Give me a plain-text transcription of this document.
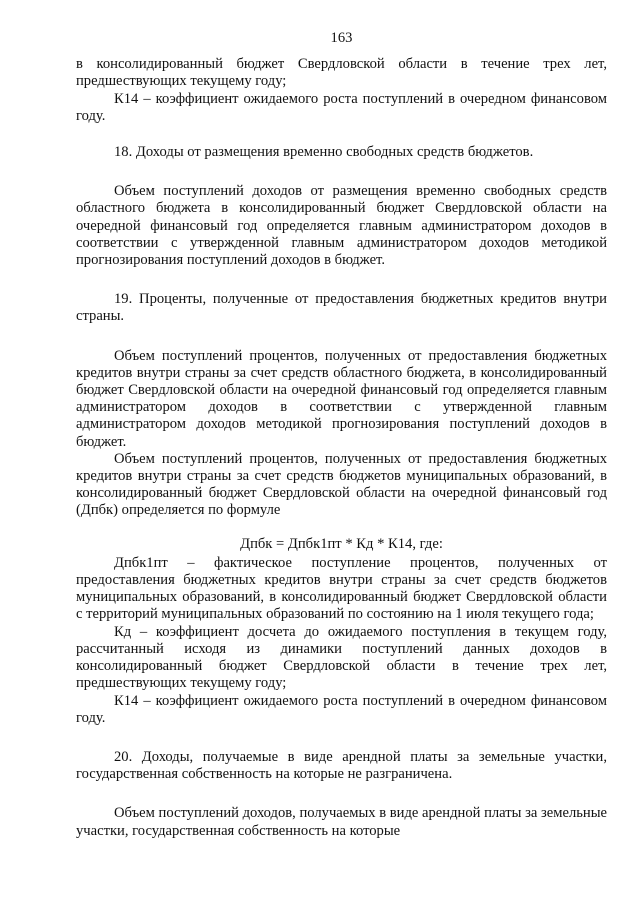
163

в консолидированный бюджет Свердловской области в течение трех лет, предшествующих текущему году;

К14 – коэффициент ожидаемого роста поступлений в очередном финансовом году.

18. Доходы от размещения временно свободных средств бюджетов.

Объем поступлений доходов от размещения временно свободных средств областного бюджета в консолидированный бюджет Свердловской области на очередной финансовый год определяется главным администратором доходов в соответствии с утвержденной главным администратором доходов методикой прогнозирования поступлений доходов в бюджет.

19. Проценты, полученные от предоставления бюджетных кредитов внутри страны.

Объем поступлений процентов, полученных от предоставления бюджетных кредитов внутри страны за счет средств областного бюджета, в консолидированный бюджет Свердловской области на очередной финансовый год определяется главным администратором доходов в соответствии с утвержденной главным администратором доходов методикой прогнозирования поступлений доходов в бюджет.

Объем поступлений процентов, полученных от предоставления бюджетных кредитов внутри страны за счет средств бюджетов муниципальных образований, в консолидированный бюджет Свердловской области на очередной финансовый год (Дпбк) определяется по формуле

Дпбк = Дпбк1пт * Кд * К14, где:

Дпбк1пт – фактическое поступление процентов, полученных от предоставления бюджетных кредитов внутри страны за счет средств бюджетов муниципальных образований, в консолидированный бюджет Свердловской области с территорий муниципальных образований по состоянию на 1 июля текущего года;

Кд – коэффициент досчета до ожидаемого поступления в текущем году, рассчитанный исходя из динамики поступлений данных доходов в консолидированный бюджет Свердловской области в течение трех лет, предшествующих текущему году;

К14 – коэффициент ожидаемого роста поступлений в очередном финансовом году.

20. Доходы, получаемые в виде арендной платы за земельные участки, государственная собственность на которые не разграничена.

Объем поступлений доходов, получаемых в виде арендной платы за земельные участки, государственная собственность на которые
